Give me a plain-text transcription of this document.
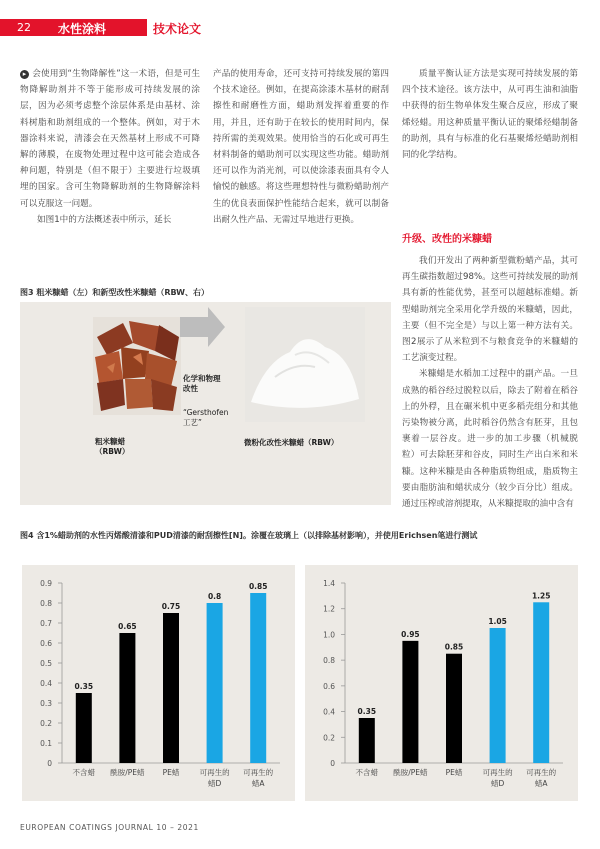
22 水性涂料	技术论文

▸ 会使用到“生物降解性”这一术语，但是可生物降解助剂并不等于能形成可持续发展的涂层，因为必须考虑整个涂层体系是由基材、涂料树脂和助剂组成的一个整体。例如，对于木器涂料来说，清漆会在天然基材上形成不可降解的薄膜，在废物处理过程中这可能会造成各种问题，特别是（但不限于）主要进行垃圾填埋的国家。含可生物降解助剂的生物降解涂料可以克服这一问题。

如图1中的方法概述表中所示，延长

产品的使用寿命，还可支持可持续发展的第四个技术途径。例如，在提高涂漆木基材的耐刮擦性和耐磨性方面，蜡助剂发挥着重要的作用，并且，还有助于在较长的使用时间内，保持所需的美观效果。使用恰当的石化或可再生材料制备的蜡助剂可以实现这些功能。蜡助剂还可以作为消光剂，可以使涂漆表面具有令人愉悦的触感。将这些理想特性与微粉蜡助剂产生的优良表面保护性能结合起来，就可以制备出耐久性产品、无需过早地进行更换。

质量平衡认证方法是实现可持续发展的第四个技术途径。该方法中，从可再生油和油脂中获得的衍生物单体发生聚合反应，形成了聚烯烃蜡。用这种质量平衡认证的聚烯烃蜡制备的助剂，具有与标准的化石基聚烯烃蜡助剂相同的化学结构。

升级、改性的米糠蜡

我们开发出了两种新型微粉蜡产品，其可再生碳指数超过98%。这些可持续发展的助剂具有新的性能优势，甚至可以超越标准蜡。新型蜡助剂完全采用化学升级的米糠蜡，因此，主要（但不完全是）与以上第一种方法有关。图2展示了从米粒到不与粮食竞争的米糠蜡的工艺演变过程。

米糠蜡是水稻加工过程中的副产品。一旦成熟的稻谷经过脱粒以后，除去了附着在稻谷上的外稃，且在碾米机中更多稻壳组分和其他污染物被分离，此时稻谷仍然含有胚芽，且包裹着一层谷皮。进一步的加工步骤（机械脱粒）可去除胚芽和谷皮，同时生产出白米和米糠。这种米糠是由各种脂质物组成，脂质物主要由脂肪油和蜡状成分（较少百分比）组成。通过压榨或溶剂提取，从米糠提取的油中含有

图3 粗米糠蜡（左）和新型改性米糠蜡（RBW、右）
粗米糠蜡
（RBW）
化学和物理
改性
“Gersthofen
工艺”
微粉化改性米糠蜡（RBW）
图4 含1%蜡助剂的水性丙烯酸清漆和PUD清漆的耐刮擦性[N]。涂覆在玻璃上（以排除基材影响），并使用Erichsen笔进行测试
0
0.1
0.2
0.3
0.4
0.5
0.6
0.7
0.8
0.9
0.35
不含蜡
0.65
酰胺/PE蜡
0.75
PE蜡
0.8
可再生的蜡D
0.85
可再生的蜡A
0
0.2
0.4
0.6
0.8
1.0
1.2
1.4
0.35
不含蜡
0.95
酰胺/PE蜡
0.85
PE蜡
1.05
可再生的蜡D
1.25
可再生的蜡A
EUROPEAN COATINGS JOURNAL 10 – 2021
